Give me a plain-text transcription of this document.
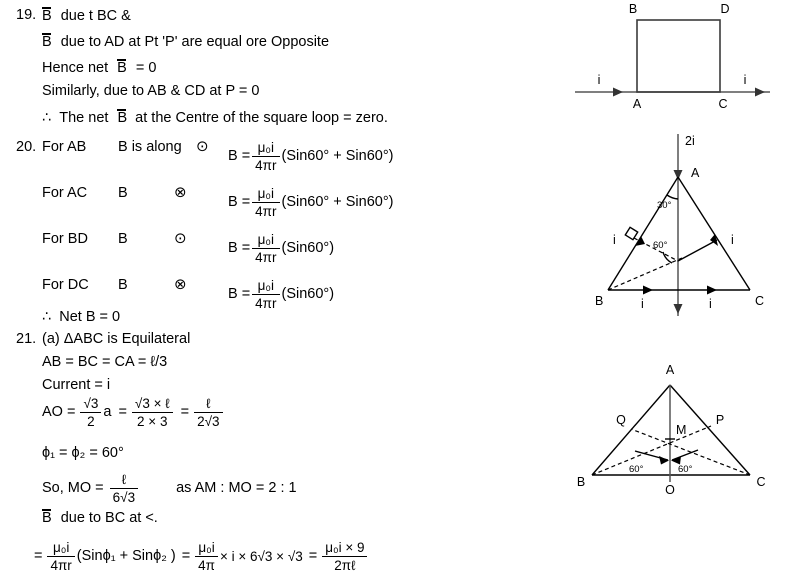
19. B due t BC &
B due to AD at Pt 'P' are equal ore Opposite
Hence net B = 0
Similarly, due to AB & CD at P = 0
∴ The net B at the Centre of the square loop = zero.
20. For AB B is along ⊙
$B = \frac{\text{μ₀i}}{4\pi r} (Sin60^\circ + Sin60^\circ)$
For AC B	⊗
$B = \frac{\text{μ₀i}}{4\pi r} (Sin60^\circ + Sin60^\circ)$
For BD B	⊙
$B = \frac{\text{μ₀i}}{4\pi r} (Sin60^\circ)$
For DC B	⊗
$B = \frac{\text{μ₀i}}{4\pi r} (Sin60^\circ)$
∴ Net B = 0
21. (a) ΔABC is Equilateral
AB = BC = CA = ℓ/3
Current = i
AO = $\frac{√3}{2}$ $a = \frac{\text{√3 × ℓ}}{2 \times 3} = \frac{\text{ℓ}}{2√3}$
ϕ₁ = ϕ₂ = 60°
So, MO = $\frac{\text{ℓ}}{6√3}$	as AM : MO = 2 : 1
B due to BC at <.
= $\frac{\text{μ₀i}}{4\pi r} (Sin\phi_1 + Sin\phi_2$ ) = $\frac{\text{μ₀i}}{4\pi} \times i \times 6√3 \times √3 = \frac{\text{μ₀i × 9}}{\text{2πℓ}}$
B	D
A	C
i	i
2i
30°
60°
A
B	C
i	i
i	i
A
B	C
O
Q	P
M
60°	60°
